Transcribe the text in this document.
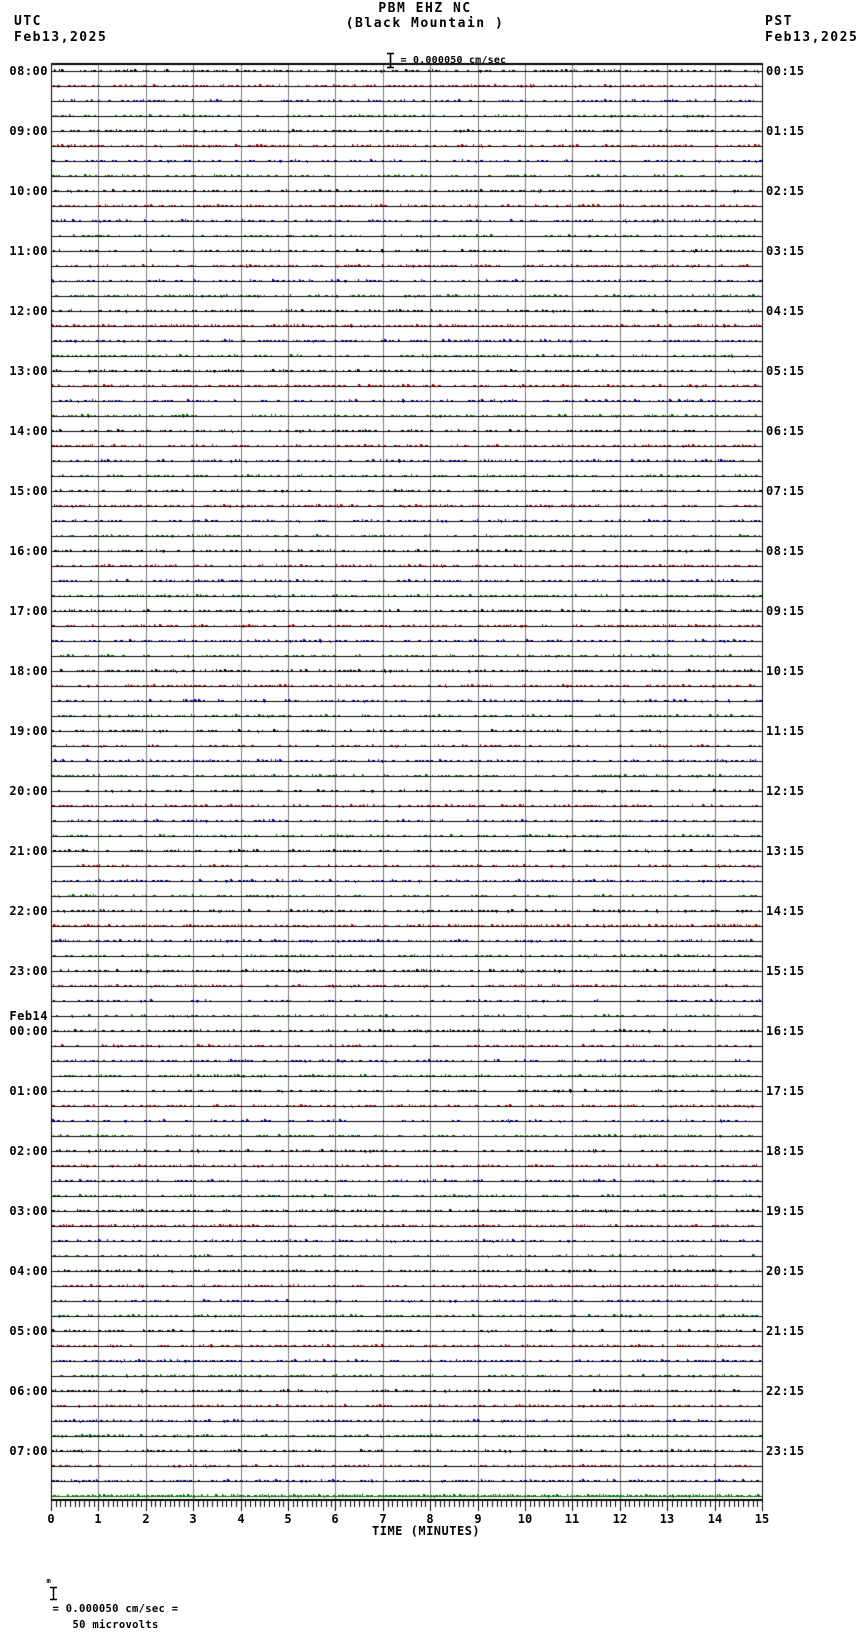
UTC
Feb13,2025
PST
Feb13,2025
PBM EHZ NC
(Black Mountain )

= 0.000050 cm/sec

08:00
09:00
10:00
11:00
12:00
13:00
14:00
15:00
16:00
17:00
18:00
19:00
20:00
21:00
22:00
23:00
Feb14
00:00
01:00
02:00
03:00
04:00
05:00
06:00
07:00
00:15
01:15
02:15
03:15
04:15
05:15
06:15
07:15
08:15
09:15
10:15
11:15
12:15
13:15
14:15
15:15
16:15
17:15
18:15
19:15
20:15
21:15
22:15
23:15
0	1	2	3	4	5	6	7	8	9	10	11	12	13	14	15
TIME (MINUTES)

$_m$

= 0.000050 cm/sec =
50 microvolts
